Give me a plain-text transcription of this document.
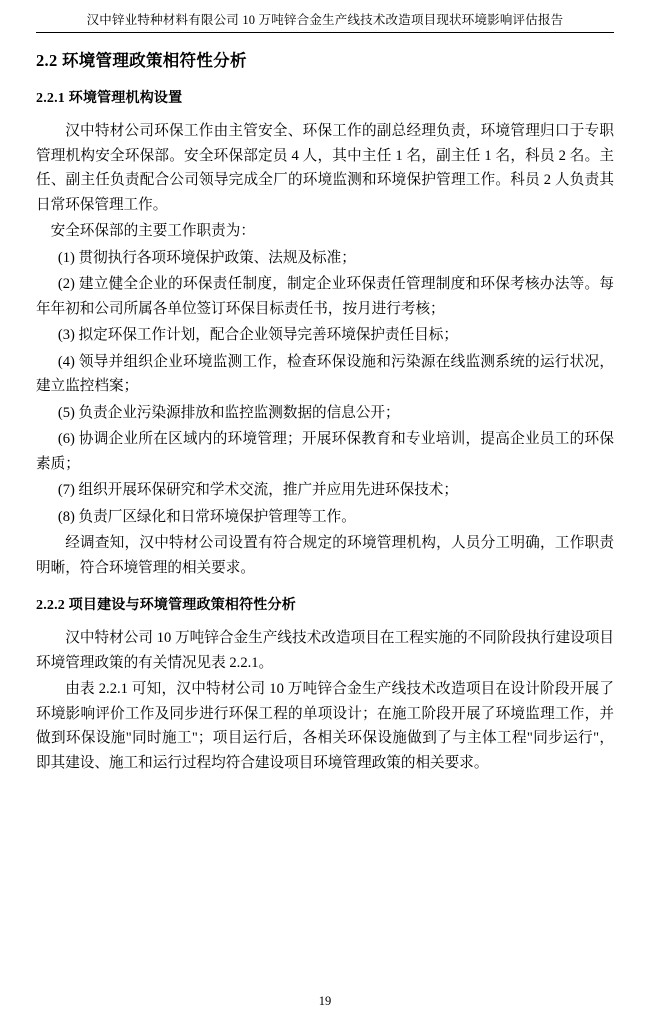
汉中锌业特种材料有限公司 10 万吨锌合金生产线技术改造项目现状环境影响评估报告
2.2 环境管理政策相符性分析
2.2.1 环境管理机构设置

汉中特材公司环保工作由主管安全、环保工作的副总经理负责，环境管理归口于专职管理机构安全环保部。安全环保部定员 4 人，其中主任 1 名，副主任 1 名，科员 2 名。主任、副主任负责配合公司领导完成全厂的环境监测和环境保护管理工作。科员 2 人负责其日常环保管理工作。

安全环保部的主要工作职责为：

(1) 贯彻执行各项环境保护政策、法规及标准；

(2) 建立健全企业的环保责任制度，制定企业环保责任管理制度和环保考核办法等。每年年初和公司所属各单位签订环保目标责任书，按月进行考核；

(3) 拟定环保工作计划，配合企业领导完善环境保护责任目标；

(4) 领导并组织企业环境监测工作，检查环保设施和污染源在线监测系统的运行状况，建立监控档案；

(5) 负责企业污染源排放和监控监测数据的信息公开；

(6) 协调企业所在区域内的环境管理；开展环保教育和专业培训，提高企业员工的环保素质；

(7) 组织开展环保研究和学术交流，推广并应用先进环保技术；

(8) 负责厂区绿化和日常环境保护管理等工作。

经调查知，汉中特材公司设置有符合规定的环境管理机构，人员分工明确，工作职责明晰，符合环境管理的相关要求。

2.2.2 项目建设与环境管理政策相符性分析

汉中特材公司 10 万吨锌合金生产线技术改造项目在工程实施的不同阶段执行建设项目环境管理政策的有关情况见表 2.2.1。

由表 2.2.1 可知，汉中特材公司 10 万吨锌合金生产线技术改造项目在设计阶段开展了环境影响评价工作及同步进行环保工程的单项设计；在施工阶段开展了环境监理工作，并做到环保设施"同时施工"；项目运行后，各相关环保设施做到了与主体工程"同步运行"，即其建设、施工和运行过程均符合建设项目环境管理政策的相关要求。

19
